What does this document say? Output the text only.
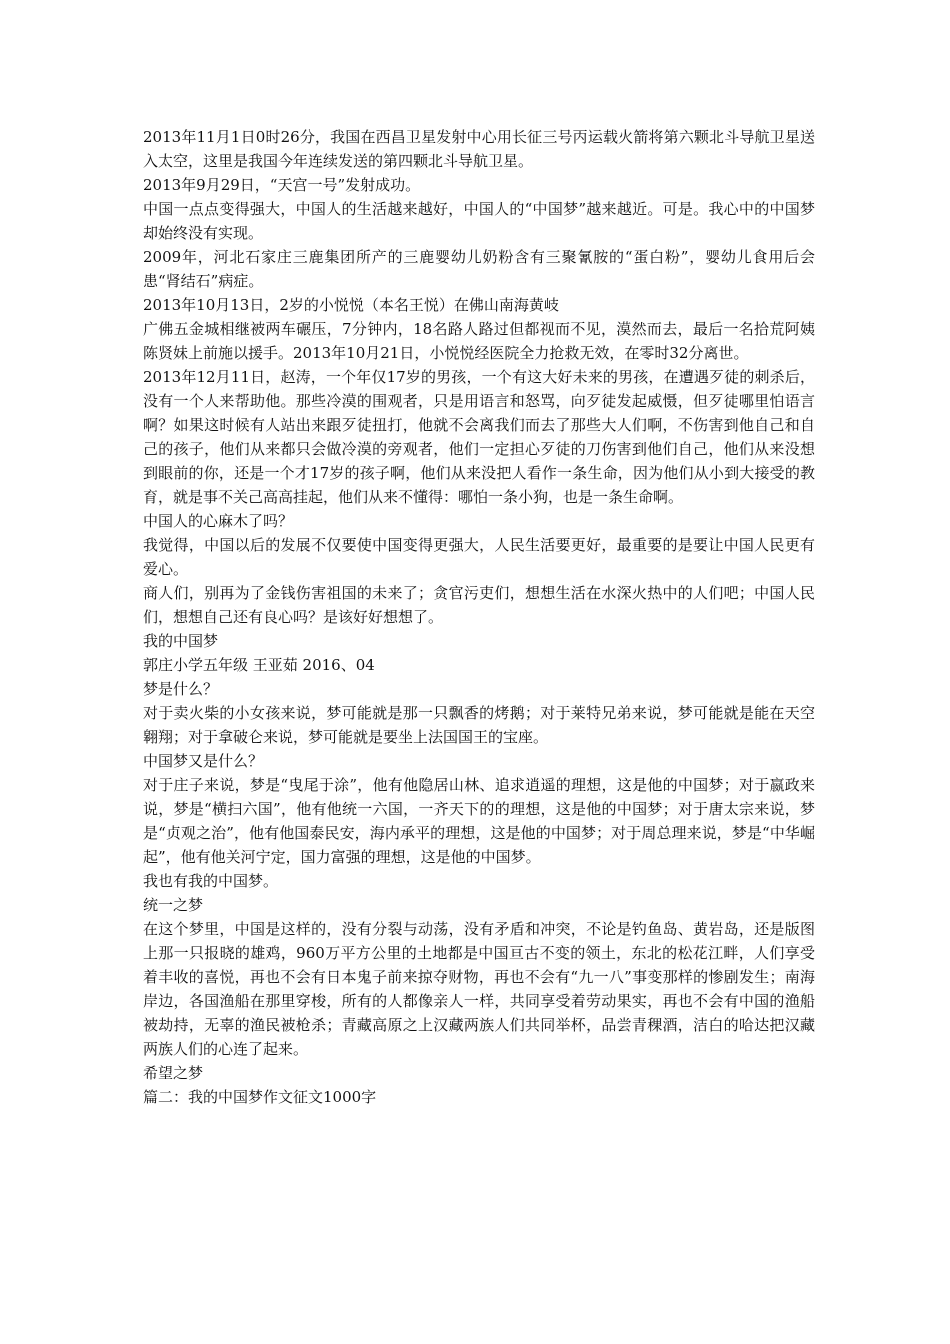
2013年11月1日0时26分，我国在西昌卫星发射中心用长征三号丙运载火箭将第六颗北斗导航卫星送入太空，这里是我国今年连续发送的第四颗北斗导航卫星。

2013年9月29日，“天宫一号”发射成功。

中国一点点变得强大，中国人的生活越来越好，中国人的“中国梦”越来越近。可是。我心中的中国梦却始终没有实现。

2009年，河北石家庄三鹿集团所产的三鹿婴幼儿奶粉含有三聚氰胺的“蛋白粉”，婴幼儿食用后会患“肾结石”病症。

2013年10月13日，2岁的小悦悦（本名王悦）在佛山南海黄岐

广佛五金城相继被两车碾压，7分钟内，18名路人路过但都视而不见，漠然而去，最后一名拾荒阿姨陈贤妹上前施以援手。2013年10月21日，小悦悦经医院全力抢救无效，在零时32分离世。

2013年12月11日，赵涛，一个年仅17岁的男孩，一个有这大好未来的男孩，在遭遇歹徒的刺杀后，没有一个人来帮助他。那些冷漠的围观者，只是用语言和怒骂，向歹徒发起威慑，但歹徒哪里怕语言啊？如果这时候有人站出来跟歹徒扭打，他就不会离我们而去了那些大人们啊，不伤害到他自己和自己的孩子，他们从来都只会做冷漠的旁观者，他们一定担心歹徒的刀伤害到他们自己，他们从来没想到眼前的你，还是一个才17岁的孩子啊，他们从来没把人看作一条生命，因为他们从小到大接受的教育，就是事不关己高高挂起，他们从来不懂得：哪怕一条小狗，也是一条生命啊。

中国人的心麻木了吗？

我觉得，中国以后的发展不仅要使中国变得更强大，人民生活要更好，最重要的是要让中国人民更有爱心。

商人们，别再为了金钱伤害祖国的未来了；贪官污吏们，想想生活在水深火热中的人们吧；中国人民们，想想自己还有良心吗？是该好好想想了。

我的中国梦

郭庄小学五年级 王亚茹 2016、04

梦是什么？

对于卖火柴的小女孩来说，梦可能就是那一只飘香的烤鹅；对于莱特兄弟来说，梦可能就是能在天空翱翔；对于拿破仑来说，梦可能就是要坐上法国国王的宝座。

中国梦又是什么？

对于庄子来说，梦是“曳尾于涂”，他有他隐居山林、追求逍遥的理想，这是他的中国梦；对于嬴政来说，梦是“横扫六国”，他有他统一六国，一齐天下的的理想，这是他的中国梦；对于唐太宗来说，梦是“贞观之治”，他有他国泰民安，海内承平的理想，这是他的中国梦；对于周总理来说，梦是“中华崛起”，他有他关河宁定，国力富强的理想，这是他的中国梦。

我也有我的中国梦。

统一之梦

在这个梦里，中国是这样的，没有分裂与动荡，没有矛盾和冲突，不论是钓鱼岛、黄岩岛，还是版图上那一只报晓的雄鸡，960万平方公里的土地都是中国亘古不变的领土，东北的松花江畔，人们享受着丰收的喜悦，再也不会有日本鬼子前来掠夺财物，再也不会有“九一八”事变那样的惨剧发生；南海岸边，各国渔船在那里穿梭，所有的人都像亲人一样，共同享受着劳动果实，再也不会有中国的渔船被劫持，无辜的渔民被枪杀；青藏高原之上汉藏两族人们共同举杯，品尝青稞酒，洁白的哈达把汉藏两族人们的心连了起来。

希望之梦

篇二：我的中国梦作文征文1000字
